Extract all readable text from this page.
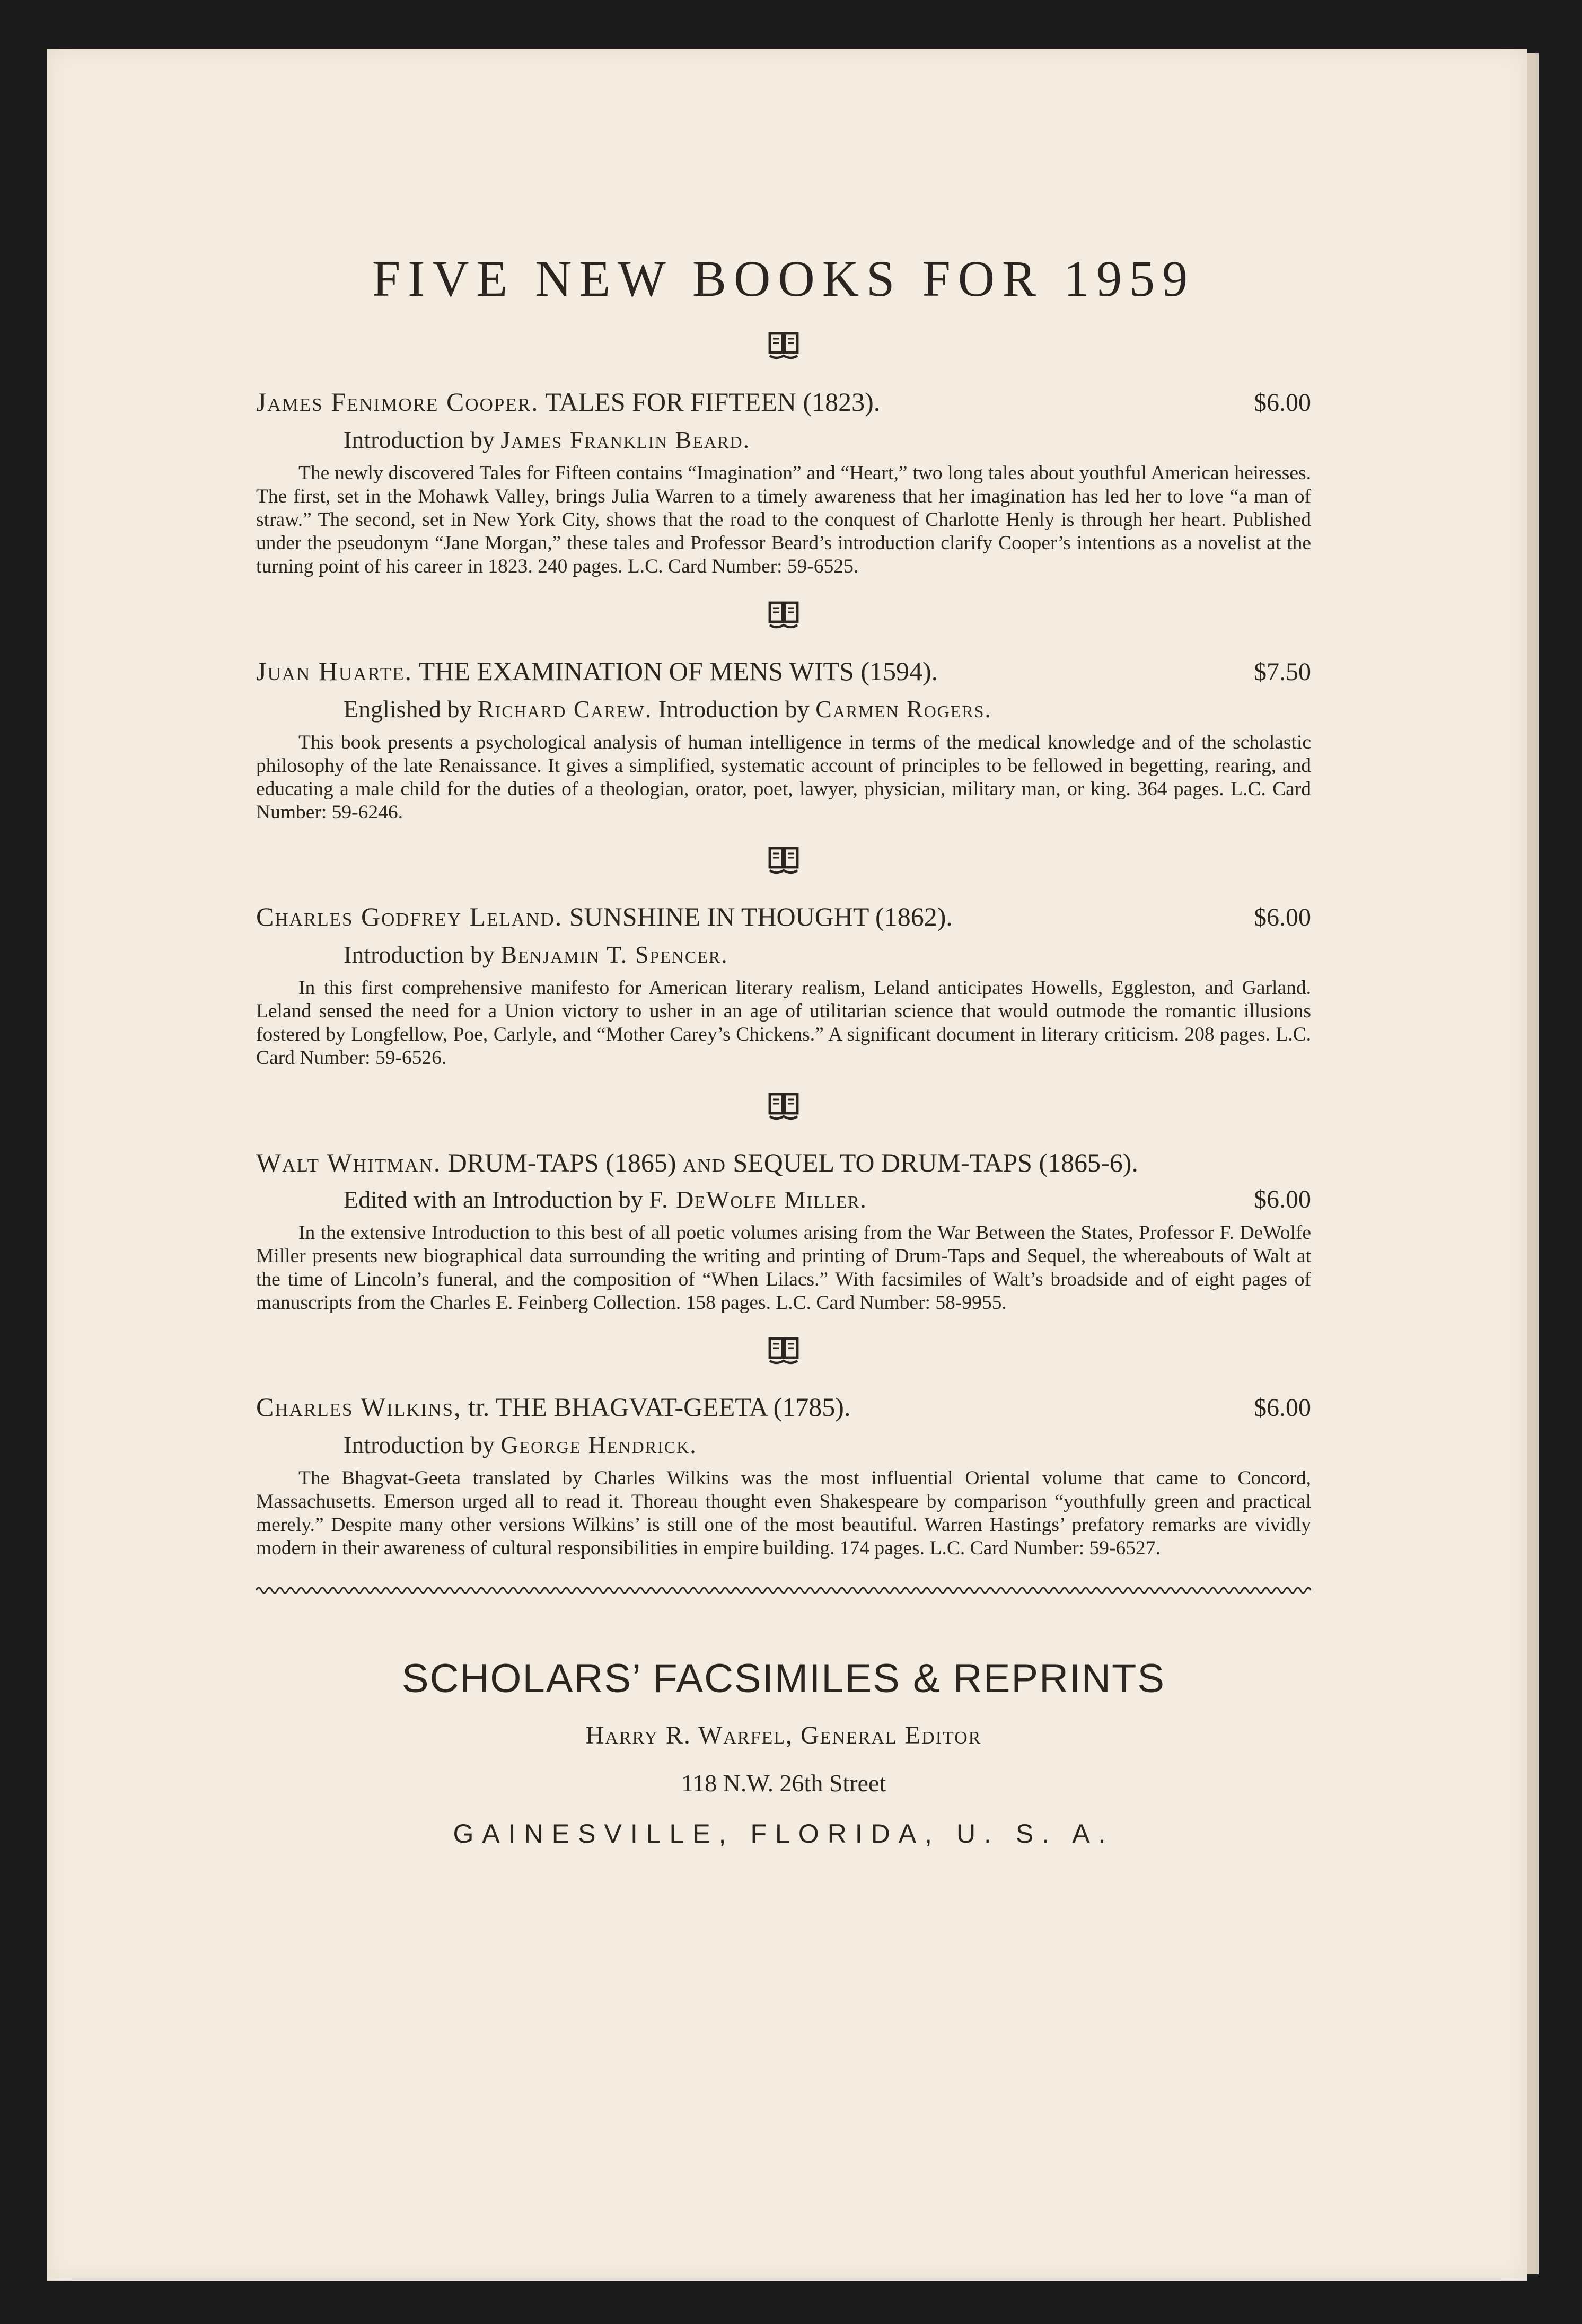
FIVE NEW BOOKS FOR 1959
James Fenimore Cooper. TALES FOR FIFTEEN (1823).	$6.00
Introduction by James Franklin Beard.

The newly discovered Tales for Fifteen contains “Imagination” and “Heart,” two long tales about youthful American heiresses. The first, set in the Mohawk Valley, brings Julia Warren to a timely awareness that her imagination has led her to love “a man of straw.” The second, set in New York City, shows that the road to the conquest of Charlotte Henly is through her heart. Published under the pseudonym “Jane Morgan,” these tales and Professor Beard’s introduction clarify Cooper’s intentions as a novelist at the turning point of his career in 1823. 240 pages. L.C. Card Number: 59-6525.

Juan Huarte. THE EXAMINATION OF MENS WITS (1594).	$7.50
Englished by Richard Carew. Introduction by Carmen Rogers.

This book presents a psychological analysis of human intelligence in terms of the medical knowledge and of the scholastic philosophy of the late Renaissance. It gives a simplified, systematic account of principles to be fellowed in begetting, rearing, and educating a male child for the duties of a theologian, orator, poet, lawyer, physician, military man, or king. 364 pages. L.C. Card Number: 59-6246.

Charles Godfrey Leland. SUNSHINE IN THOUGHT (1862).	$6.00
Introduction by Benjamin T. Spencer.

In this first comprehensive manifesto for American literary realism, Leland anticipates Howells, Eggleston, and Garland. Leland sensed the need for a Union victory to usher in an age of utilitarian science that would outmode the romantic illusions fostered by Longfellow, Poe, Carlyle, and “Mother Carey’s Chickens.” A significant document in literary criticism. 208 pages. L.C. Card Number: 59-6526.

Walt Whitman. DRUM-TAPS (1865) and SEQUEL TO DRUM-TAPS (1865-6).
Edited with an Introduction by F. DeWolfe Miller.	$6.00

In the extensive Introduction to this best of all poetic volumes arising from the War Between the States, Professor F. DeWolfe Miller presents new biographical data surrounding the writing and printing of Drum-Taps and Sequel, the whereabouts of Walt at the time of Lincoln’s funeral, and the composition of “When Lilacs.” With facsimiles of Walt’s broadside and of eight pages of manuscripts from the Charles E. Feinberg Collection. 158 pages. L.C. Card Number: 58-9955.

Charles Wilkins, tr. THE BHAGVAT-GEETA (1785).	$6.00
Introduction by George Hendrick.

The Bhagvat-Geeta translated by Charles Wilkins was the most influential Oriental volume that came to Concord, Massachusetts. Emerson urged all to read it. Thoreau thought even Shakespeare by comparison “youthfully green and practical merely.” Despite many other versions Wilkins’ is still one of the most beautiful. Warren Hastings’ prefatory remarks are vividly modern in their awareness of cultural responsibilities in empire building. 174 pages. L.C. Card Number: 59-6527.

SCHOLARS’ FACSIMILES & REPRINTS
Harry R. Warfel, General Editor
118 N.W. 26th Street
GAINESVILLE, FLORIDA, U. S. A.
